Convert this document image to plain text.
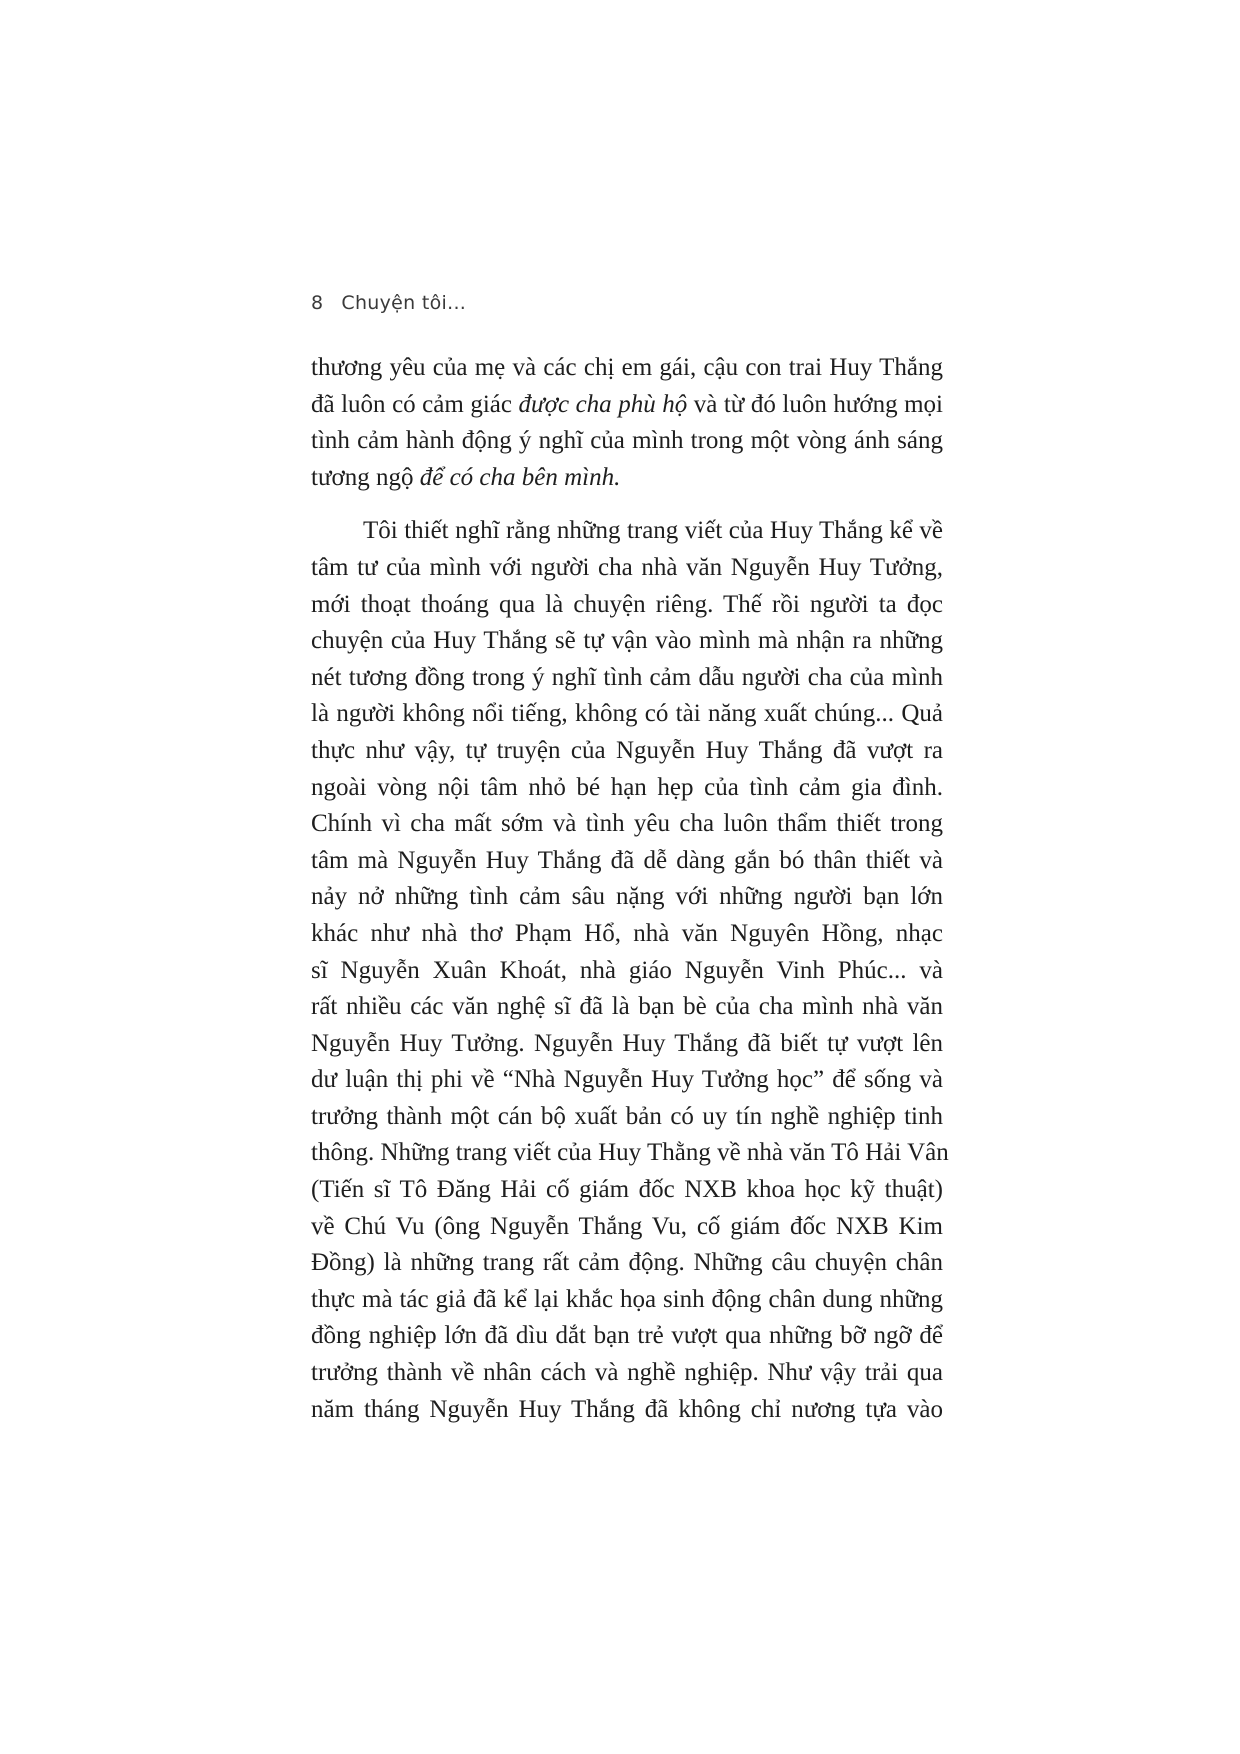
8 Chuyện tôi...
thương yêu của mẹ và các chị em gái, cậu con trai Huy Thắng
đã luôn có cảm giác được cha phù hộ và từ đó luôn hướng mọi
tình cảm hành động ý nghĩ của mình trong một vòng ánh sáng
tương ngộ để có cha bên mình.
Tôi thiết nghĩ rằng những trang viết của Huy Thắng kể về
tâm tư của mình với người cha nhà văn Nguyễn Huy Tưởng,
mới thoạt thoáng qua là chuyện riêng. Thế rồi người ta đọc
chuyện của Huy Thắng sẽ tự vận vào mình mà nhận ra những
nét tương đồng trong ý nghĩ tình cảm dẫu người cha của mình
là người không nổi tiếng, không có tài năng xuất chúng... Quả
thực như vậy, tự truyện của Nguyễn Huy Thắng đã vượt ra
ngoài vòng nội tâm nhỏ bé hạn hẹp của tình cảm gia đình.
Chính vì cha mất sớm và tình yêu cha luôn thẩm thiết trong
tâm mà Nguyễn Huy Thắng đã dễ dàng gắn bó thân thiết và
nảy nở những tình cảm sâu nặng với những người bạn lớn
khác như nhà thơ Phạm Hổ, nhà văn Nguyên Hồng, nhạc
sĩ Nguyễn Xuân Khoát, nhà giáo Nguyễn Vinh Phúc... và
rất nhiều các văn nghệ sĩ đã là bạn bè của cha mình nhà văn
Nguyễn Huy Tưởng. Nguyễn Huy Thắng đã biết tự vượt lên
dư luận thị phi về “Nhà Nguyễn Huy Tưởng học” để sống và
trưởng thành một cán bộ xuất bản có uy tín nghề nghiệp tinh
thông. Những trang viết của Huy Thằng về nhà văn Tô Hải Vân
(Tiến sĩ Tô Đăng Hải cố giám đốc NXB khoa học kỹ thuật)
về Chú Vu (ông Nguyễn Thắng Vu, cố giám đốc NXB Kim
Đồng) là những trang rất cảm động. Những câu chuyện chân
thực mà tác giả đã kể lại khắc họa sinh động chân dung những
đồng nghiệp lớn đã dìu dắt bạn trẻ vượt qua những bỡ ngỡ để
trưởng thành về nhân cách và nghề nghiệp. Như vậy trải qua
năm tháng Nguyễn Huy Thắng đã không chỉ nương tựa vào
